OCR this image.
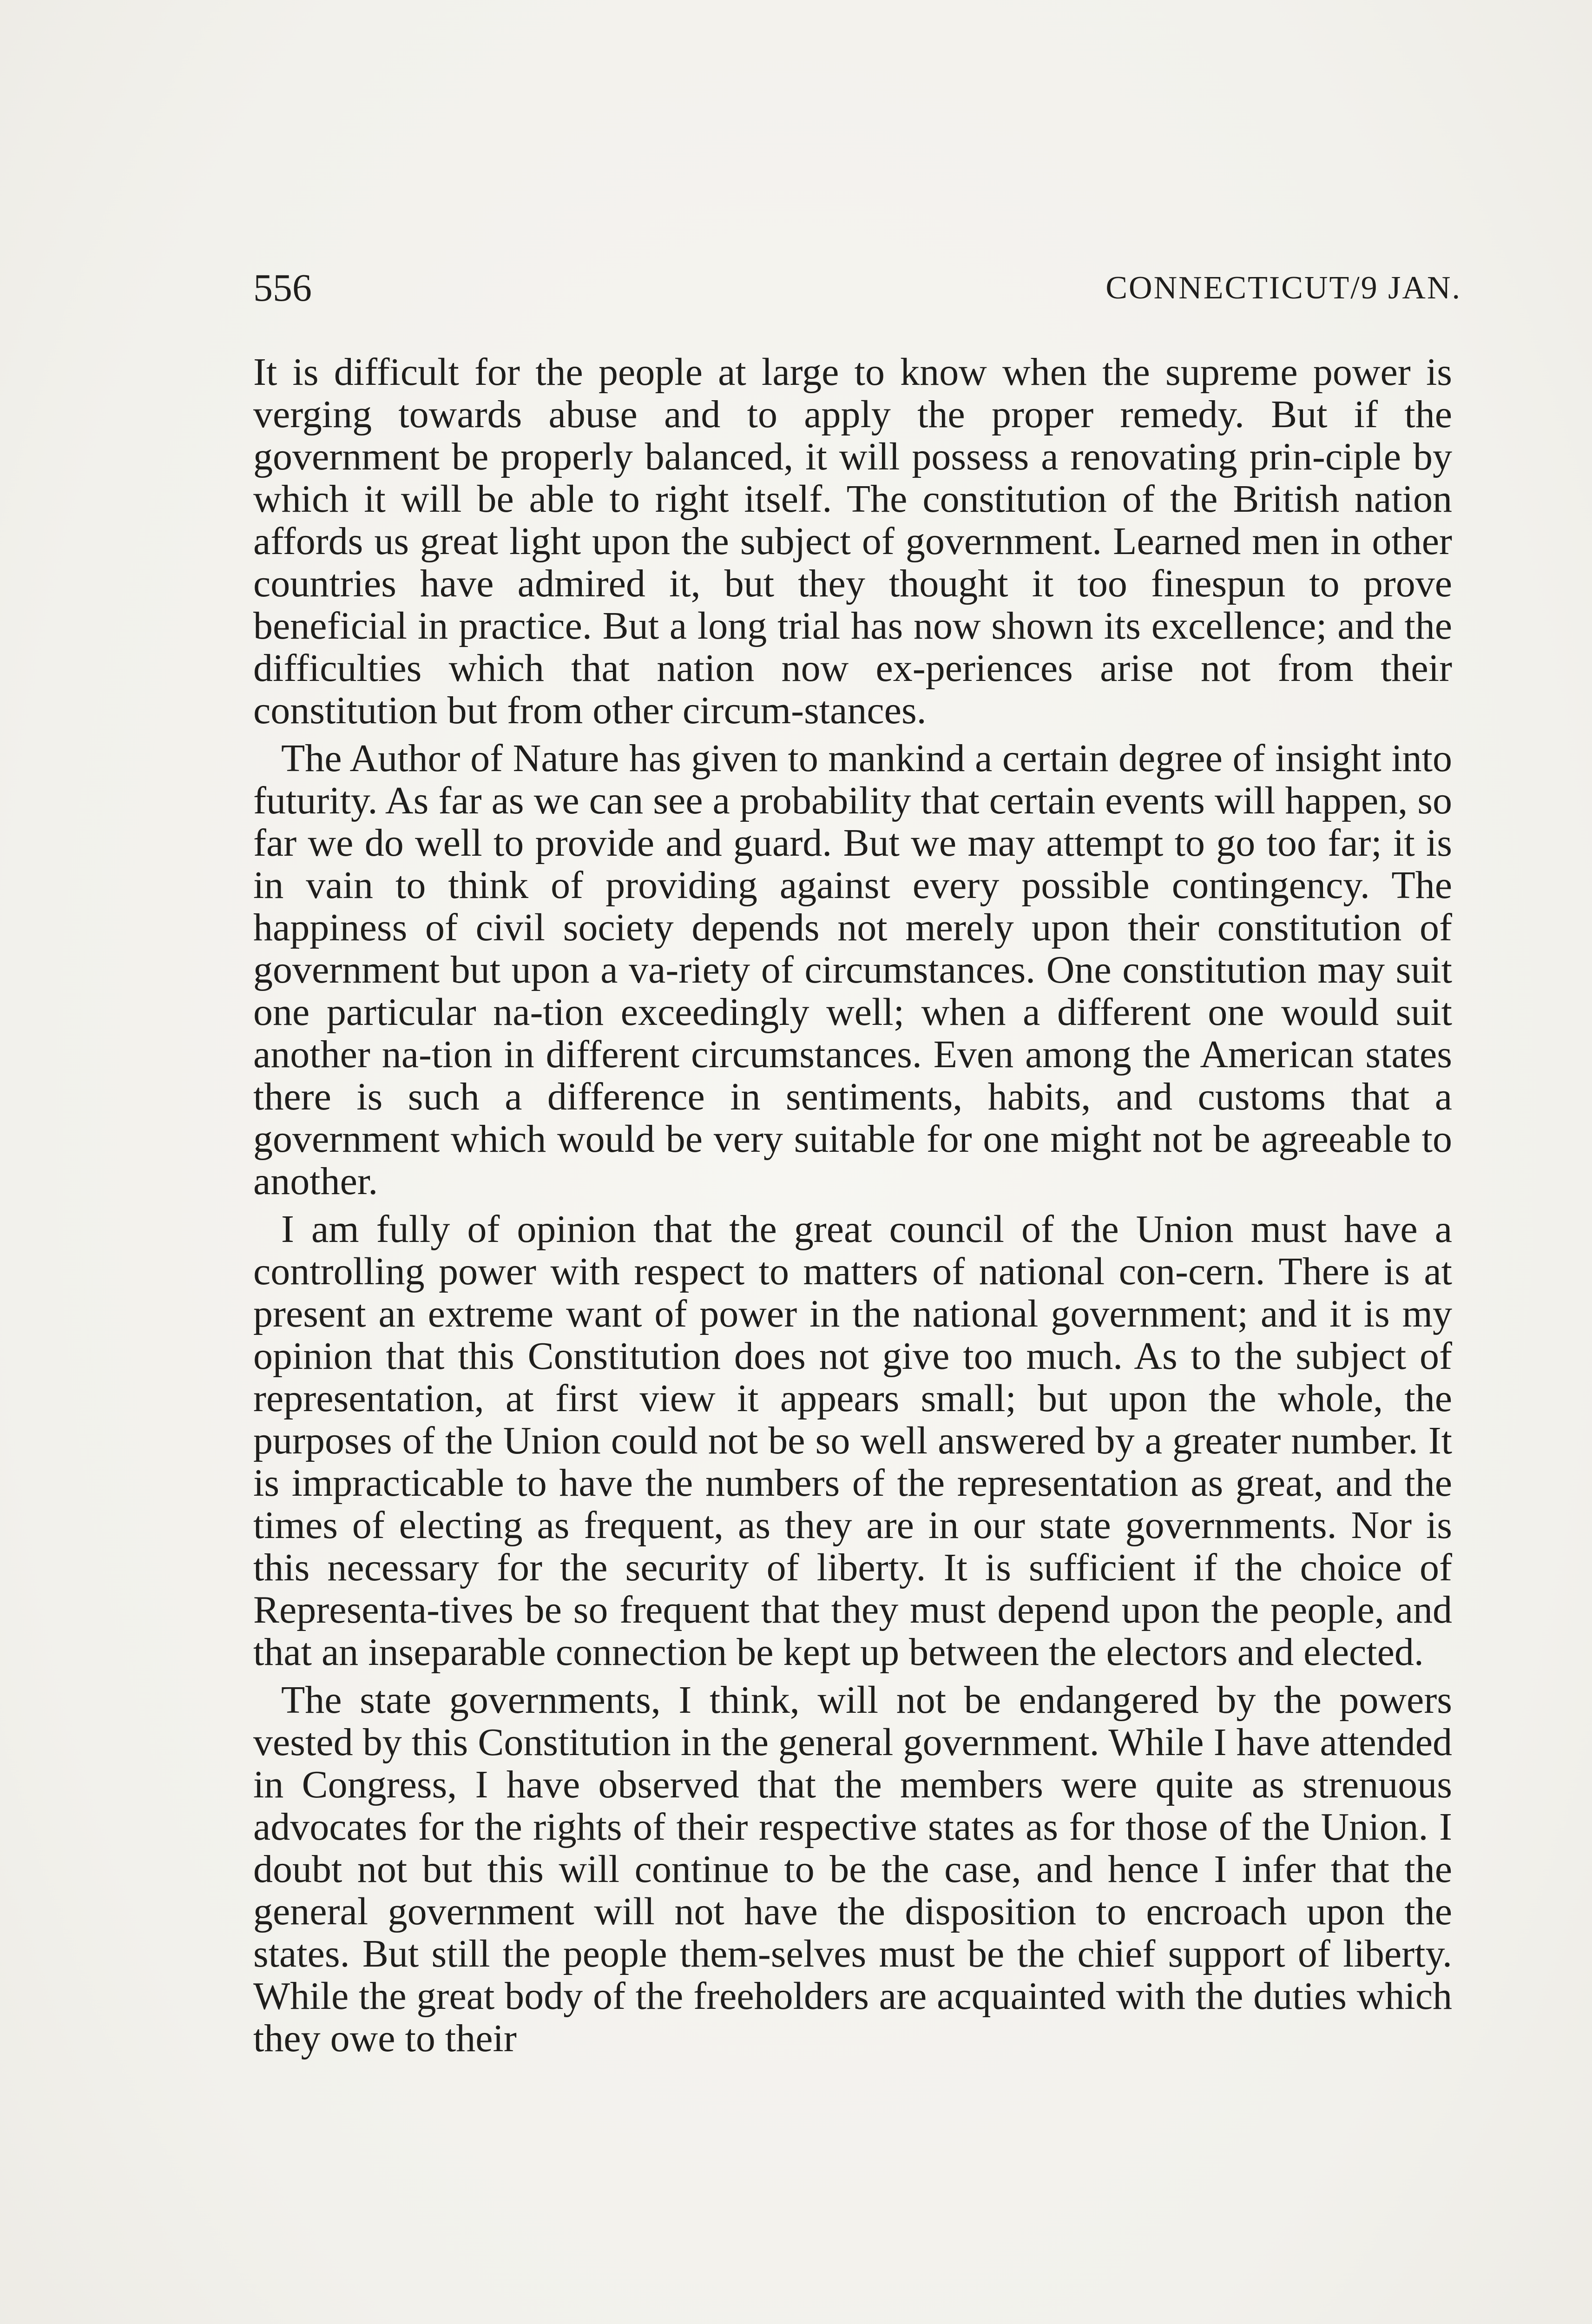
556	CONNECTICUT/9 JAN.

It is difficult for the people at large to know when the supreme power is verging towards abuse and to apply the proper remedy. But if the government be properly balanced, it will possess a renovating prin-ciple by which it will be able to right itself. The constitution of the British nation affords us great light upon the subject of government. Learned men in other countries have admired it, but they thought it too finespun to prove beneficial in practice. But a long trial has now shown its excellence; and the difficulties which that nation now ex-periences arise not from their constitution but from other circum-stances.

The Author of Nature has given to mankind a certain degree of insight into futurity. As far as we can see a probability that certain events will happen, so far we do well to provide and guard. But we may attempt to go too far; it is in vain to think of providing against every possible contingency. The happiness of civil society depends not merely upon their constitution of government but upon a va-riety of circumstances. One constitution may suit one particular na-tion exceedingly well; when a different one would suit another na-tion in different circumstances. Even among the American states there is such a difference in sentiments, habits, and customs that a government which would be very suitable for one might not be agreeable to another.

I am fully of opinion that the great council of the Union must have a controlling power with respect to matters of national con-cern. There is at present an extreme want of power in the national government; and it is my opinion that this Constitution does not give too much. As to the subject of representation, at first view it appears small; but upon the whole, the purposes of the Union could not be so well answered by a greater number. It is impracticable to have the numbers of the representation as great, and the times of electing as frequent, as they are in our state governments. Nor is this necessary for the security of liberty. It is sufficient if the choice of Representa-tives be so frequent that they must depend upon the people, and that an inseparable connection be kept up between the electors and elected.

The state governments, I think, will not be endangered by the powers vested by this Constitution in the general government. While I have attended in Congress, I have observed that the members were quite as strenuous advocates for the rights of their respective states as for those of the Union. I doubt not but this will continue to be the case, and hence I infer that the general government will not have the disposition to encroach upon the states. But still the people them-selves must be the chief support of liberty. While the great body of the freeholders are acquainted with the duties which they owe to their
